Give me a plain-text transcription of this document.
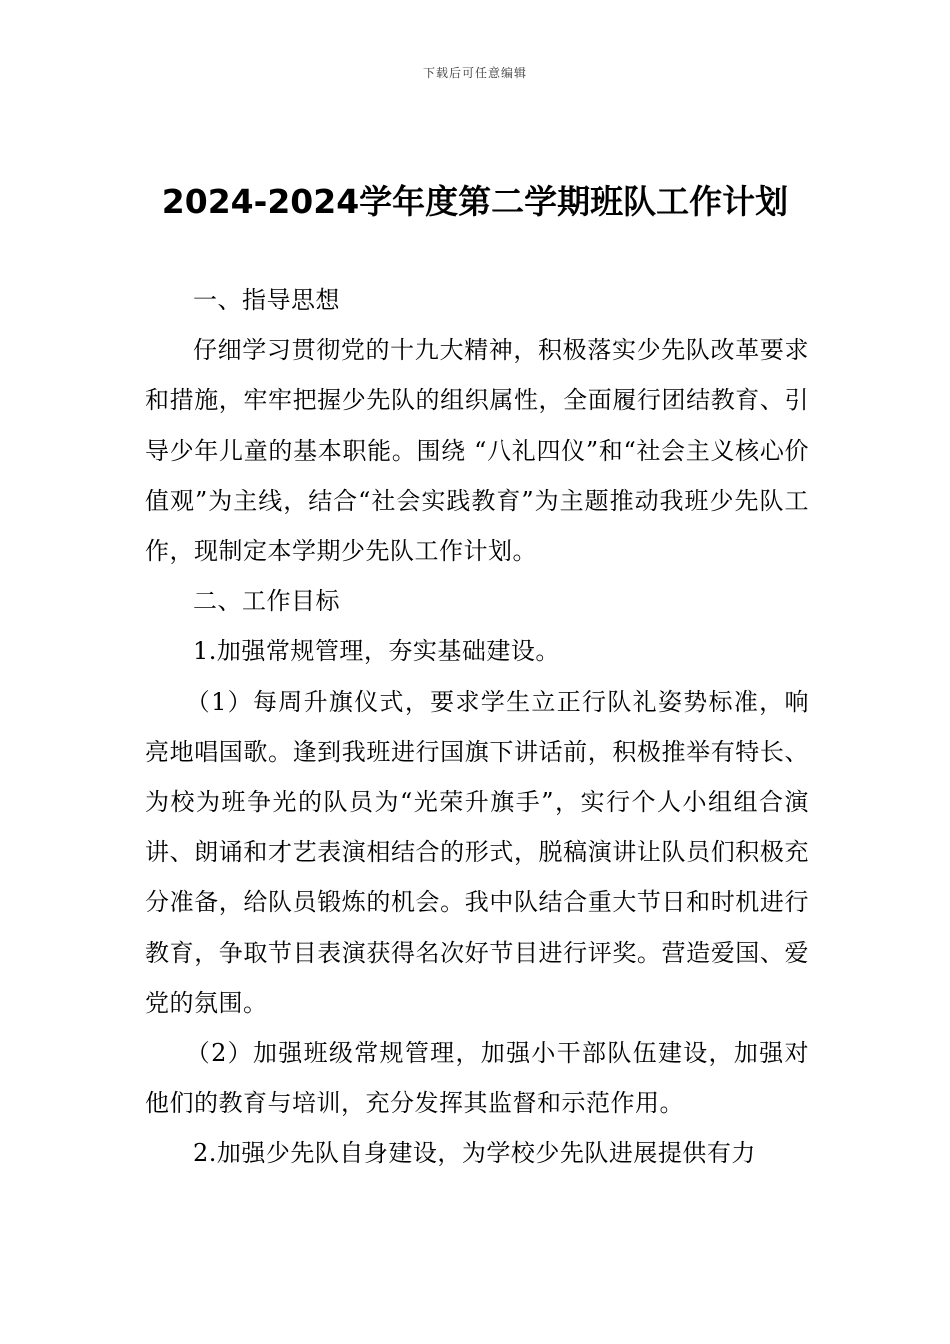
下载后可任意编辑
2024-2024学年度第二学期班队工作计划

一、指导思想

仔细学习贯彻党的十九大精神，积极落实少先队改革要求和措施，牢牢把握少先队的组织属性，全面履行团结教育、引导少年儿童的基本职能。围绕 “八礼四仪”和“社会主义核心价值观”为主线，结合“社会实践教育”为主题推动我班少先队工作，现制定本学期少先队工作计划。

二、工作目标

1.加强常规管理，夯实基础建设。

（1）每周升旗仪式，要求学生立正行队礼姿势标准，响亮地唱国歌。逢到我班进行国旗下讲话前，积极推举有特长、为校为班争光的队员为“光荣升旗手”，实行个人小组组合演讲、朗诵和才艺表演相结合的形式，脱稿演讲让队员们积极充分准备，给队员锻炼的机会。我中队结合重大节日和时机进行教育，争取节目表演获得名次好节目进行评奖。营造爱国、爱党的氛围。

（2）加强班级常规管理，加强小干部队伍建设，加强对他们的教育与培训，充分发挥其监督和示范作用。

2.加强少先队自身建设，为学校少先队进展提供有力
